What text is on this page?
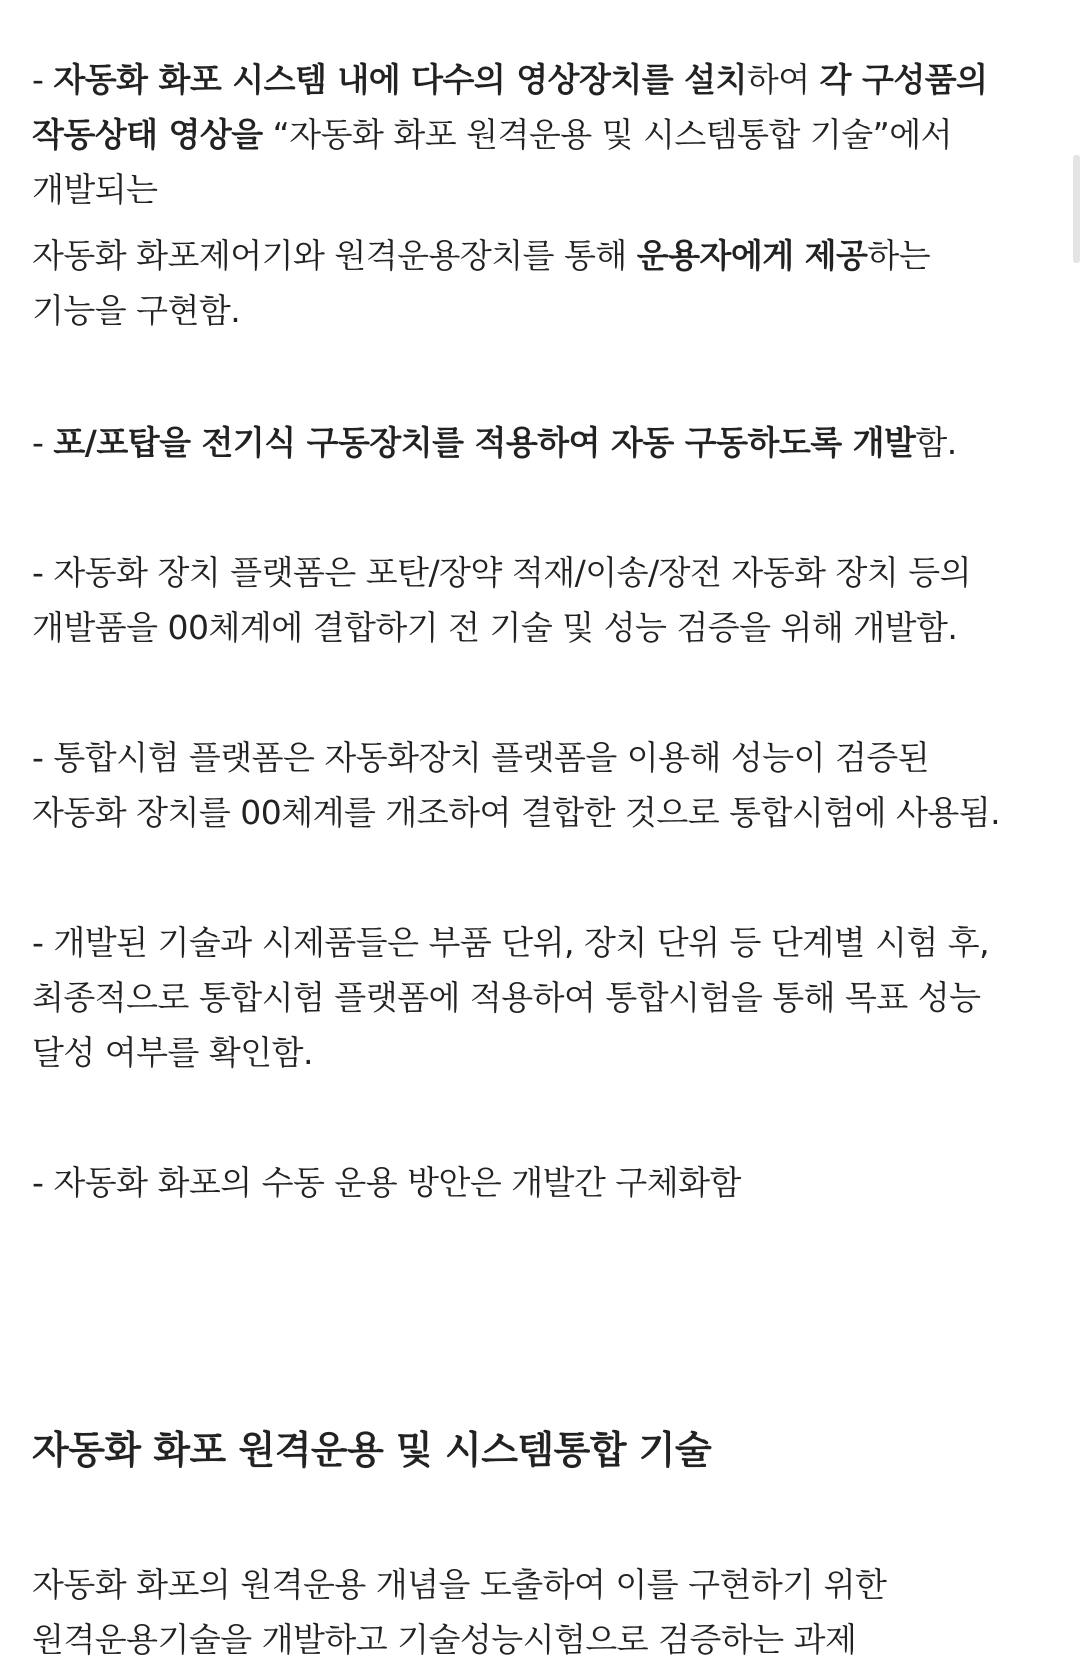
- 자동화 화포 시스템 내에 다수의 영상장치를 설치하여 각 구성품의 작동상태 영상을 “자동화 화포 원격운용 및 시스템통합 기술”에서 개발되는

자동화 화포제어기와 원격운용장치를 통해 운용자에게 제공하는 기능을 구현함.

- 포/포탑을 전기식 구동장치를 적용하여 자동 구동하도록 개발함.

- 자동화 장치 플랫폼은 포탄/장약 적재/이송/장전 자동화 장치 등의 개발품을 00체계에 결합하기 전 기술 및 성능 검증을 위해 개발함.

- 통합시험 플랫폼은 자동화장치 플랫폼을 이용해 성능이 검증된 자동화 장치를 00체계를 개조하여 결합한 것으로 통합시험에 사용됨.

- 개발된 기술과 시제품들은 부품 단위, 장치 단위 등 단계별 시험 후, 최종적으로 통합시험 플랫폼에 적용하여 통합시험을 통해 목표 성능 달성 여부를 확인함.

- 자동화 화포의 수동 운용 방안은 개발간 구체화함

자동화 화포 원격운용 및 시스템통합 기술

자동화 화포의 원격운용 개념을 도출하여 이를 구현하기 위한 원격운용기술을 개발하고 기술성능시험으로 검증하는 과제
